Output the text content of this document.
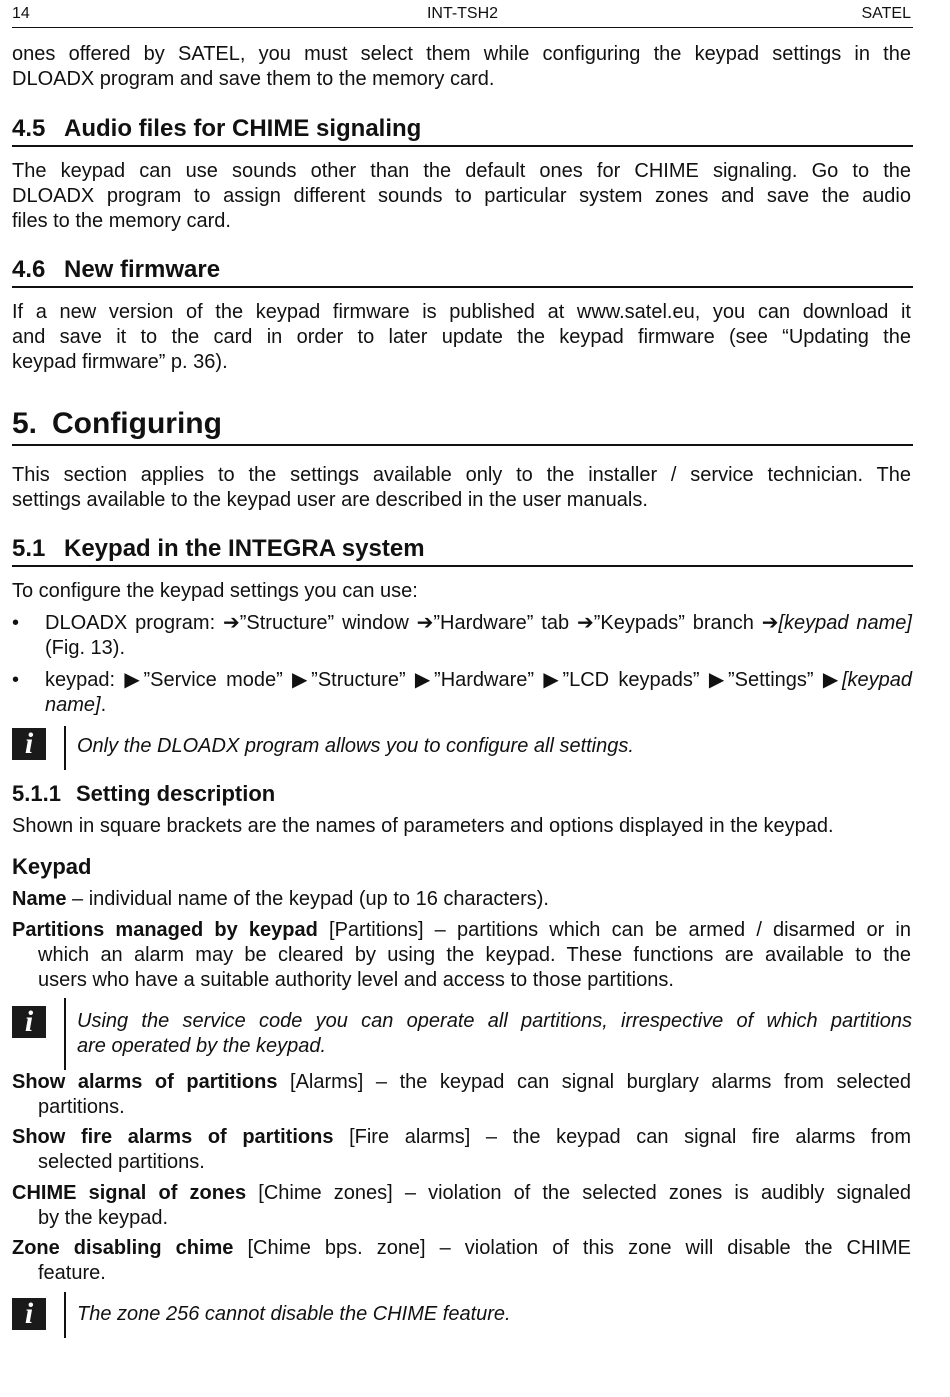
14	INT-TSH2	SATEL
ones offered by SATEL, you must select them while configuring the keypad settings in the
DLOADX program and save them to the memory card.
4.5 Audio files for CHIME signaling
The keypad can use sounds other than the default ones for CHIME signaling. Go to the
DLOADX program to assign different sounds to particular system zones and save the audio
files to the memory card.
4.6 New firmware
If a new version of the keypad firmware is published at www.satel.eu, you can download it
and save it to the card in order to later update the keypad firmware (see “Updating the
keypad firmware” p. 36).
5. Configuring
This section applies to the settings available only to the installer / service technician. The
settings available to the keypad user are described in the user manuals.
5.1 Keypad in the INTEGRA system
To configure the keypad settings you can use:
• DLOADX program: ➔”Structure” window ➔”Hardware” tab ➔”Keypads” branch ➔[keypad name] (Fig. 13).
• keypad: ▶”Service mode” ▶”Structure” ▶”Hardware” ▶”LCD keypads” ▶”Settings” ▶[keypad name].
i	Only the DLOADX program allows you to configure all settings.
5.1.1 Setting description
Shown in square brackets are the names of parameters and options displayed in the keypad.
Keypad
Name – individual name of the keypad (up to 16 characters).
Partitions managed by keypad [Partitions] – partitions which can be armed / disarmed or in
which an alarm may be cleared by using the keypad. These functions are available to the
users who have a suitable authority level and access to those partitions.
i	Using the service code you can operate all partitions, irrespective of which partitions
are operated by the keypad.
Show alarms of partitions [Alarms] – the keypad can signal burglary alarms from selected
partitions.
Show fire alarms of partitions [Fire alarms] – the keypad can signal fire alarms from
selected partitions.
CHIME signal of zones [Chime zones] – violation of the selected zones is audibly signaled
by the keypad.
Zone disabling chime [Chime bps. zone] – violation of this zone will disable the CHIME
feature.
i	The zone 256 cannot disable the CHIME feature.
